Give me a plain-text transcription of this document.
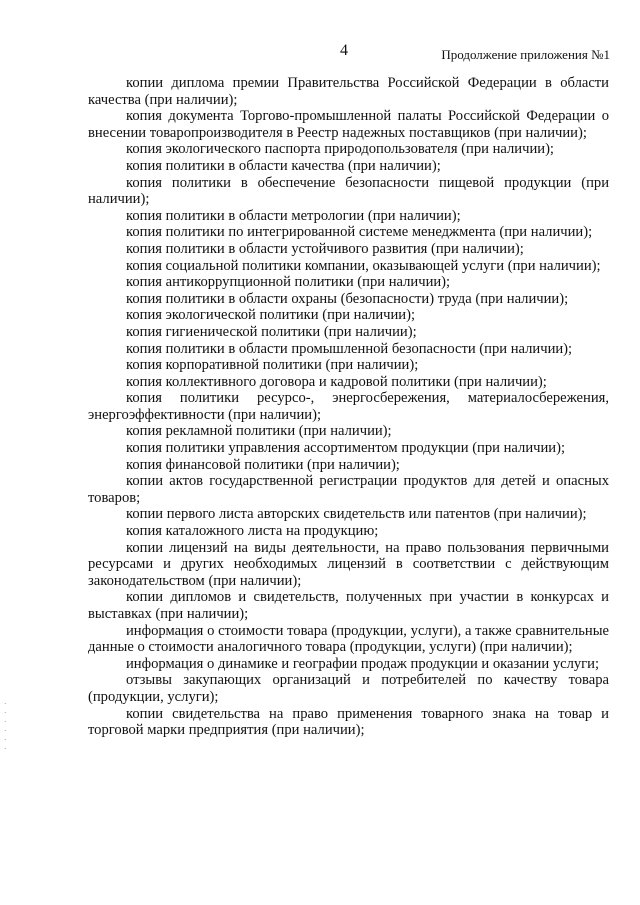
4	Продолжение приложения №1

копии диплома премии Правительства Российской Федерации в области качества (при наличии);

копия документа Торгово-промышленной палаты Российской Федерации о внесении товаропроизводителя в Реестр надежных поставщиков (при наличии);

копия экологического паспорта природопользователя (при наличии);

копия политики в области качества (при наличии);

копия политики в обеспечение безопасности пищевой продукции (при наличии);

копия политики в области метрологии (при наличии);

копия политики по интегрированной системе менеджмента (при наличии);

копия политики в области устойчивого развития (при наличии);

копия социальной политики компании, оказывающей услуги (при наличии);

копия антикоррупционной политики (при наличии);

копия политики в области охраны (безопасности) труда (при наличии);

копия экологической политики (при наличии);

копия гигиенической политики (при наличии);

копия политики в области промышленной безопасности (при наличии);

копия корпоративной политики (при наличии);

копия коллективного договора и кадровой политики (при наличии);

копия политики ресурсо-, энергосбережения, материалосбережения, энергоэффективности (при наличии);

копия рекламной политики (при наличии);

копия политики управления ассортиментом продукции (при наличии);

копия финансовой политики (при наличии);

копии актов государственной регистрации продуктов для детей и опасных товаров;

копии первого листа авторских свидетельств или патентов (при наличии);

копия каталожного листа на продукцию;

копии лицензий на виды деятельности, на право пользования первичными ресурсами и других необходимых лицензий в соответствии с действующим законодательством (при наличии);

копии дипломов и свидетельств, полученных при участии в конкурсах и выставках (при наличии);

информация о стоимости товара (продукции, услуги), а также сравнительные данные о стоимости аналогичного товара (продукции, услуги) (при наличии);

информация о динамике и географии продаж продукции и оказании услуги;

отзывы закупающих организаций и потребителей по качеству товара (продукции, услуги);

копии свидетельства на право применения товарного знака на товар и торговой марки предприятия (при наличии);

·
·
·
·
·
·
